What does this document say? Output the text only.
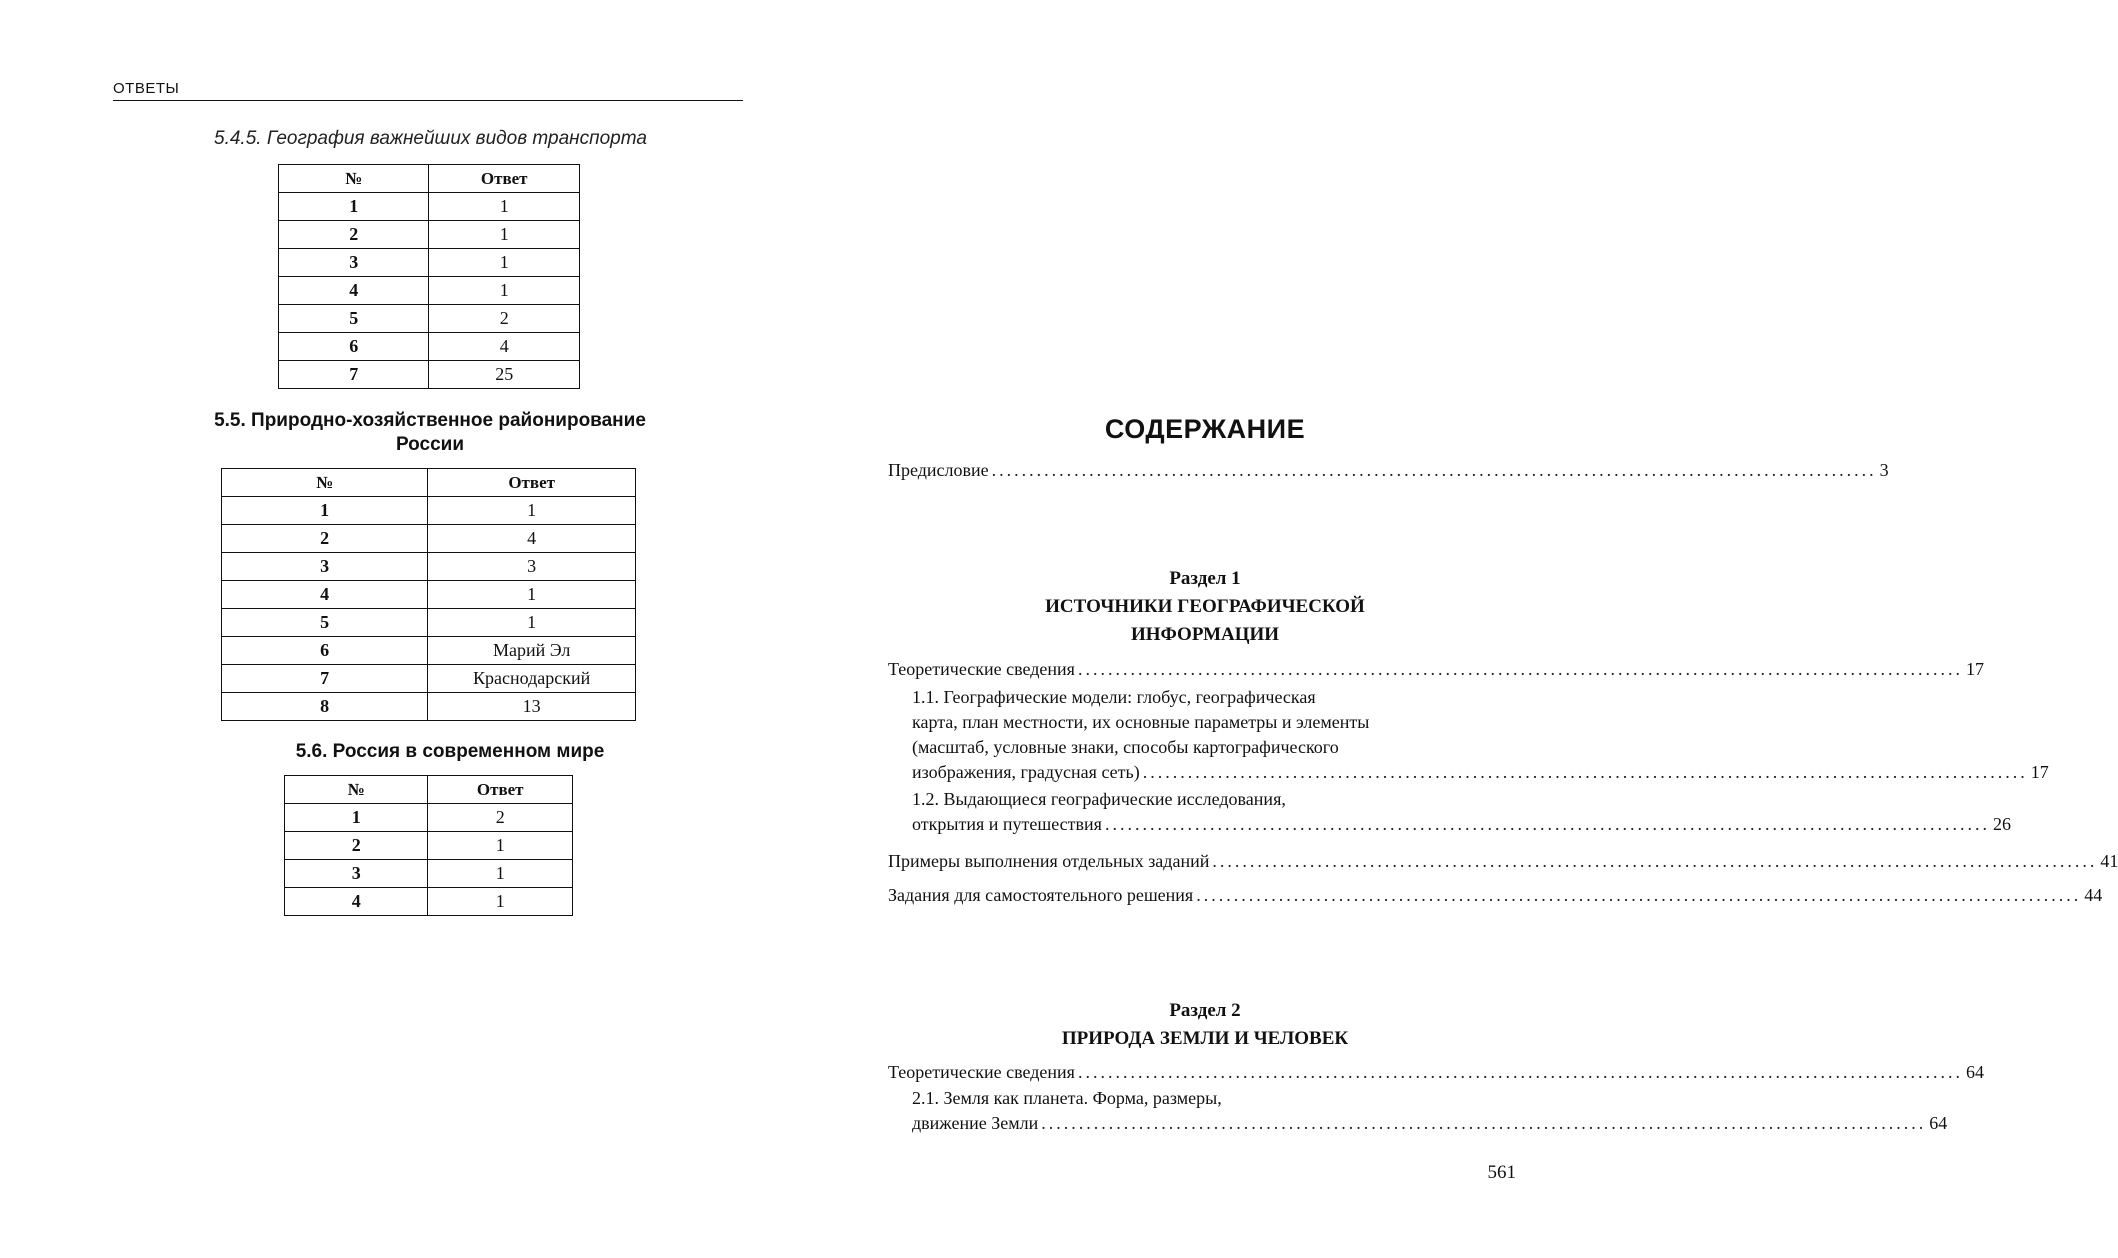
ОТВЕТЫ
5.4.5. География важнейших видов транспорта
№	Ответ
1	1
2	1
3	1
4	1
5	2
6	4
7	25
5.5. Природно-хозяйственное районирование
России
№	Ответ
1	1
2	4
3	3
4	1
5	1
6	Марий Эл
7	Краснодарский
8	13
5.6. Россия в современном мире
№	Ответ
1	2
2	1
3	1
4	1
СОДЕРЖАНИЕ
Предисловие ...................................................................................................................... 3
Раздел 1
ИСТОЧНИКИ ГЕОГРАФИЧЕСКОЙ
ИНФОРМАЦИИ
Теоретические сведения ...................................................................................................................... 17
1.1. Географические модели: глобус, географическая
карта, план местности, их основные параметры и элементы
(масштаб, условные знаки, способы картографического
изображения, градусная сеть) ...................................................................................................................... 17
1.2. Выдающиеся географические исследования,
открытия и путешествия ...................................................................................................................... 26
Примеры выполнения отдельных заданий ...................................................................................................................... 41
Задания для самостоятельного решения ...................................................................................................................... 44
Раздел 2
ПРИРОДА ЗЕМЛИ И ЧЕЛОВЕК
Теоретические сведения ...................................................................................................................... 64
2.1. Земля как планета. Форма, размеры,
движение Земли ...................................................................................................................... 64
561
